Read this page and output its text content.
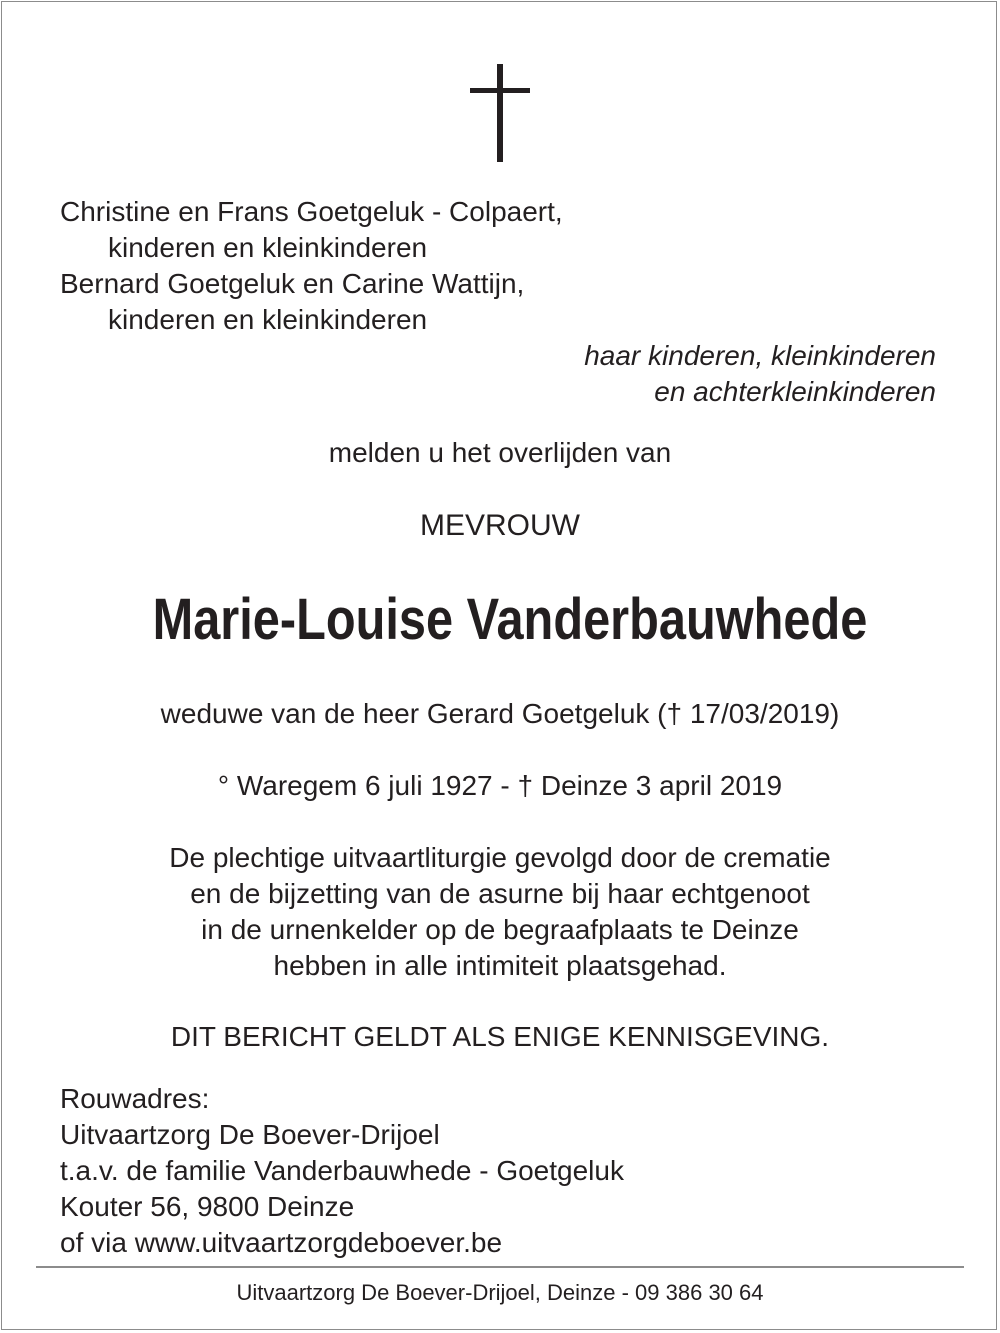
Christine en Frans Goetgeluk - Colpaert,
kinderen en kleinkinderen
Bernard Goetgeluk en Carine Wattijn,
kinderen en kleinkinderen
haar kinderen, kleinkinderen
en achterkleinkinderen
melden u het overlijden van
MEVROUW
Marie-Louise Vanderbauwhede
weduwe van de heer Gerard Goetgeluk († 17/03/2019)
° Waregem 6 juli 1927 - † Deinze 3 april 2019
De plechtige uitvaartliturgie gevolgd door de crematie
en de bijzetting van de asurne bij haar echtgenoot
in de urnenkelder op de begraafplaats te Deinze
hebben in alle intimiteit plaatsgehad.
DIT BERICHT GELDT ALS ENIGE KENNISGEVING.
Rouwadres:
Uitvaartzorg De Boever-Drijoel
t.a.v. de familie Vanderbauwhede - Goetgeluk
Kouter 56, 9800 Deinze
of via www.uitvaartzorgdeboever.be
Uitvaartzorg De Boever-Drijoel, Deinze - 09 386 30 64
